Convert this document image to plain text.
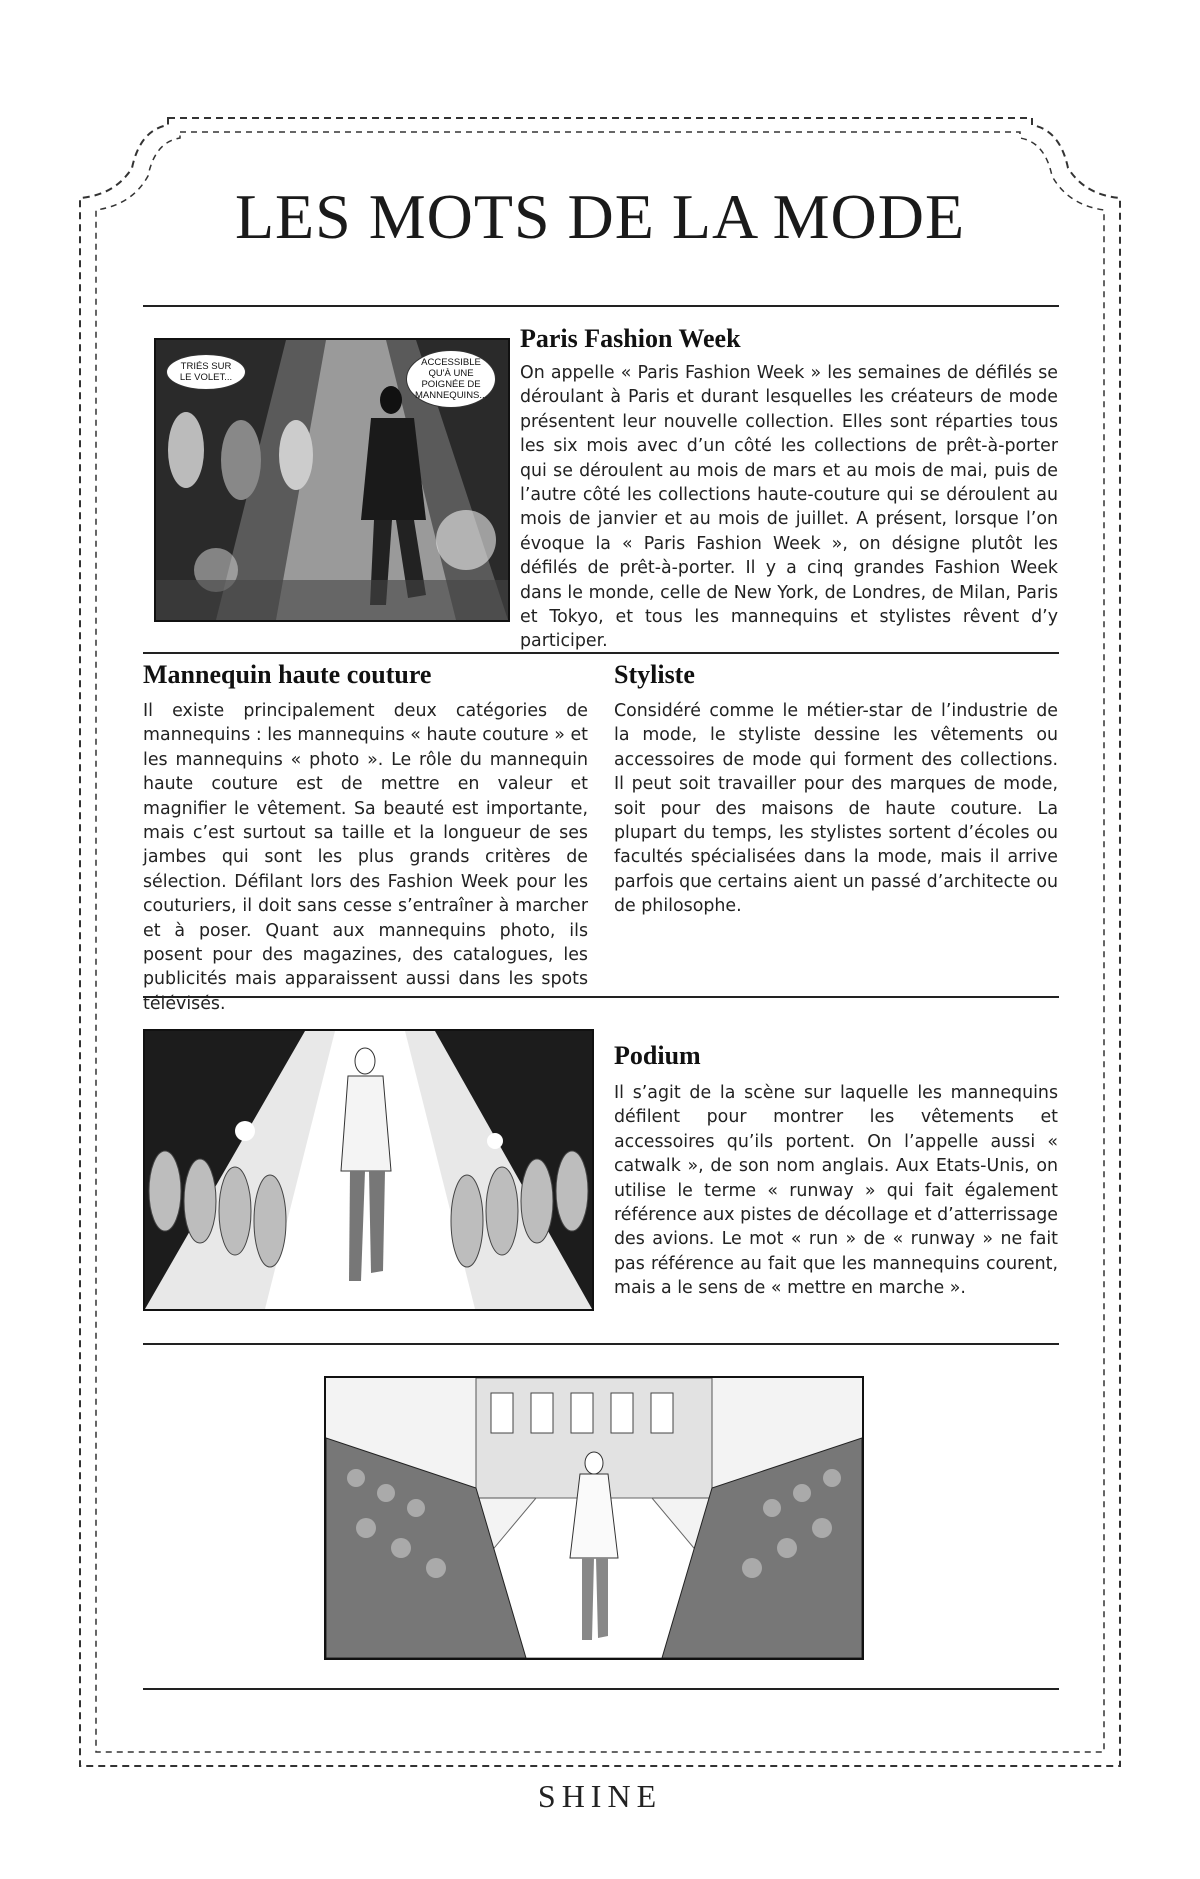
LES MOTS DE LA MODE
TRIÉS SUR LE VOLET...
ACCESSIBLE QU'À UNE POIGNÉE DE MANNEQUINS...
Paris Fashion Week
On appelle « Paris Fashion Week » les semaines de défilés se déroulant à Paris et durant lesquelles les créateurs de mode présentent leur nouvelle collection. Elles sont réparties tous les six mois avec d’un côté les collections de prêt-à-porter qui se déroulent au mois de mars et au mois de mai, puis de l’autre côté les collections haute-couture qui se déroulent au mois de janvier et au mois de juillet. A présent, lorsque l’on évoque la « Paris Fashion Week », on désigne plutôt les défilés de prêt-à-porter. Il y a cinq grandes Fashion Week dans le monde, celle de New York, de Londres, de Milan, Paris et Tokyo, et tous les mannequins et stylistes rêvent d’y participer.
Mannequin haute couture
Il existe principalement deux catégories de mannequins : les mannequins « haute couture » et les mannequins « photo ». Le rôle du mannequin haute couture est de mettre en valeur et magnifier le vêtement. Sa beauté est importante, mais c’est surtout sa taille et la longueur de ses jambes qui sont les plus grands critères de sélection. Défilant lors des Fashion Week pour les couturiers, il doit sans cesse s’entraîner à marcher et à poser. Quant aux mannequins photo, ils posent pour des magazines, des catalogues, les publicités mais apparaissent aussi dans les spots télévisés.
Styliste
Considéré comme le métier-star de l’industrie de la mode, le styliste dessine les vêtements ou accessoires de mode qui forment des collections. Il peut soit travailler pour des marques de mode, soit pour des maisons de haute couture. La plupart du temps, les stylistes sortent d’écoles ou facultés spécialisées dans la mode, mais il arrive parfois que certains aient un passé d’architecte ou de philosophe.
Podium
Il s’agit de la scène sur laquelle les mannequins défilent pour montrer les vêtements et accessoires qu’ils portent. On l’appelle aussi « catwalk », de son nom anglais. Aux Etats-Unis, on utilise le terme « runway » qui fait également référence aux pistes de décollage et d’atterrissage des avions. Le mot « run » de « runway » ne fait pas référence au fait que les mannequins courent, mais a le sens de « mettre en marche ».
SHINE
